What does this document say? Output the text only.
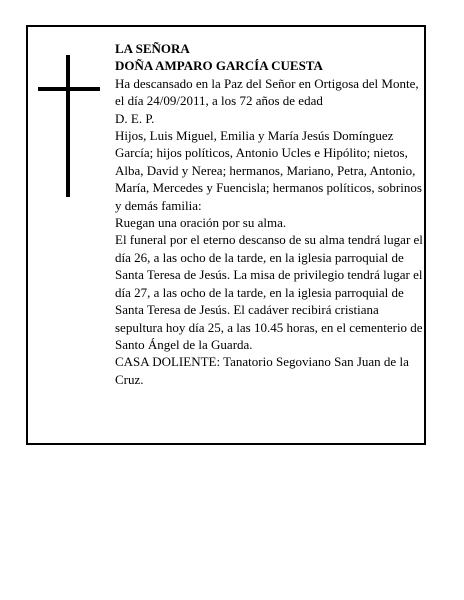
LA SEÑORA

DOÑA AMPARO GARCÍA CUESTA

Ha descansado en la Paz del Señor en Ortigosa del Monte, el día 24/09/2011, a los 72 años de edad

D. E. P.

Hijos, Luis Miguel, Emilia y María Jesús Domínguez García; hijos políticos, Antonio Ucles e Hipólito; nietos, Alba, David y Nerea; hermanos, Mariano, Petra, Antonio, María, Mercedes y Fuencisla; hermanos políticos, sobrinos y demás familia:

Ruegan una oración por su alma.

El funeral por el eterno descanso de su alma tendrá lugar el día 26, a las ocho de la tarde, en la iglesia parroquial de Santa Teresa de Jesús. La misa de privilegio tendrá lugar el día 27, a las ocho de la tarde, en la iglesia parroquial de Santa Teresa de Jesús. El cadáver recibirá cristiana sepultura hoy día 25, a las 10.45 horas, en el cementerio de Santo Ángel de la Guarda.

CASA DOLIENTE: Tanatorio Segoviano San Juan de la Cruz.
